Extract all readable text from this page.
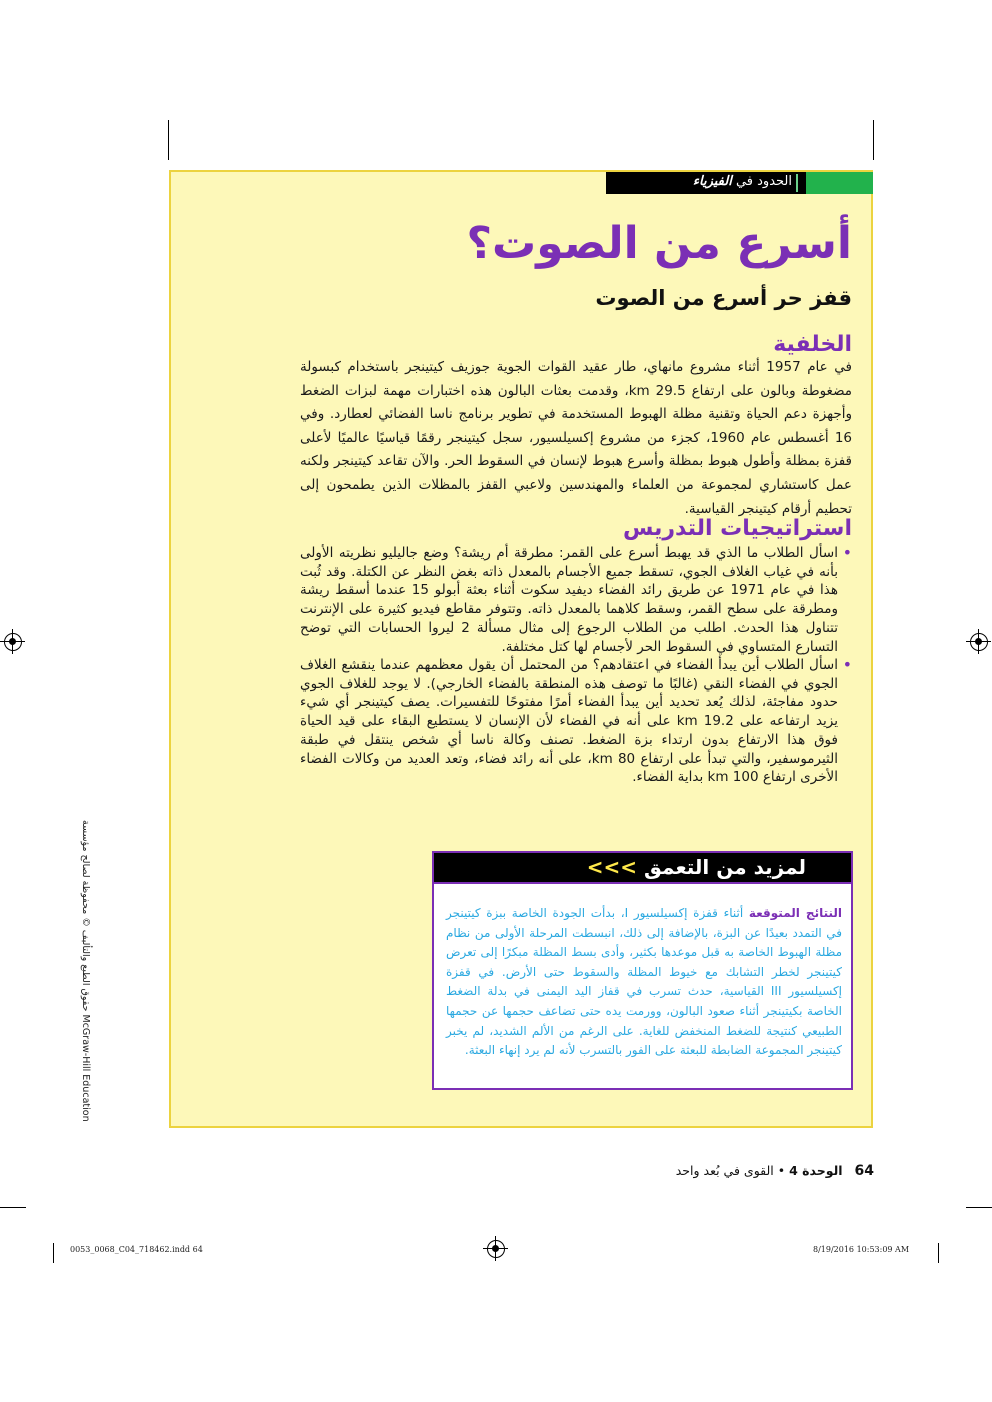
الحدود في الفيزياء
أسرع من الصوت؟
قفز حر أسرع من الصوت
الخلفية
في عام 1957 أثناء مشروع مانهاي، طار عقيد القوات الجوية جوزيف كيتينجر باستخدام كبسولة مضغوطة وبالون على ارتفاع 29.5 km، وقدمت بعثات البالون هذه اختبارات مهمة لبزات الضغط وأجهزة دعم الحياة وتقنية مظلة الهبوط المستخدمة في تطوير برنامج ناسا الفضائي لعطارد. وفي 16 أغسطس عام 1960، كجزء من مشروع إكسيلسيور، سجل كيتينجر رقمًا قياسيًا عالميًا لأعلى قفزة بمظلة وأطول هبوط بمظلة وأسرع هبوط لإنسان في السقوط الحر. والآن تقاعد كيتينجر ولكنه عمل كاستشاري لمجموعة من العلماء والمهندسين ولاعبي القفز بالمظلات الذين يطمحون إلى تحطيم أرقام كيتينجر القياسية.
استراتيجيات التدريس
•
اسأل الطلاب ما الذي قد يهبط أسرع على القمر: مطرقة أم ريشة؟ وضع جاليليو نظريته الأولى بأنه في غياب الغلاف الجوي، تسقط جميع الأجسام بالمعدل ذاته بغض النظر عن الكتلة. وقد ثُبت هذا في عام 1971 عن طريق رائد الفضاء ديفيد سكوت أثناء بعثة أبولو 15 عندما أسقط ريشة ومطرقة على سطح القمر، وسقط كلاهما بالمعدل ذاته. وتتوفر مقاطع فيديو كثيرة على الإنترنت تتناول هذا الحدث. اطلب من الطلاب الرجوع إلى مثال مسألة 2 ليروا الحسابات التي توضح التسارع المتساوي في السقوط الحر لأجسام لها كتل مختلفة.
•
اسأل الطلاب أين يبدأ الفضاء في اعتقادهم؟ من المحتمل أن يقول معظمهم عندما ينقشع الغلاف الجوي في الفضاء النقي (غالبًا ما توصف هذه المنطقة بالفضاء الخارجي). لا يوجد للغلاف الجوي حدود مفاجئة، لذلك يُعد تحديد أين يبدأ الفضاء أمرًا مفتوحًا للتفسيرات. يصف كيتينجر أي شيء يزيد ارتفاعه على 19.2 km على أنه في الفضاء لأن الإنسان لا يستطيع البقاء على قيد الحياة فوق هذا الارتفاع بدون ارتداء بزة الضغط. تصنف وكالة ناسا أي شخص ينتقل في طبقة الثيرموسفير، والتي تبدأ على ارتفاع 80 km، على أنه رائد فضاء، وتعد العديد من وكالات الفضاء الأخرى ارتفاع 100 km بداية الفضاء.
لمزيد من التعمق >>>
النتائج المتوقعة أثناء قفزة إكسيلسيور I، بدأت الجودة الخاصة ببزة كيتينجر في التمدد بعيدًا عن البزة، بالإضافة إلى ذلك، انبسطت المرحلة الأولى من نظام مظلة الهبوط الخاصة به قبل موعدها بكثير، وأدى بسط المظلة مبكرًا إلى تعرض كيتينجر لخطر التشابك مع خيوط المظلة والسقوط حتى الأرض. في قفزة إكسيلسيور III القياسية، حدث تسرب في قفاز اليد اليمنى في بدلة الضغط الخاصة بكيتينجر أثناء صعود البالون، وورمت يده حتى تضاعف حجمها عن حجمها الطبيعي كنتيجة للضغط المنخفض للغاية. على الرغم من الألم الشديد، لم يخبر كيتينجر المجموعة الضابطة للبعثة على الفور بالتسرب لأنه لم يرد إنهاء البعثة.
حقوق الطبع والتأليف © محفوظة لصالح مؤسسة McGraw-Hill Education
64   الوحدة 4 • القوى في بُعد واحد
0053_0068_C04_718462.indd 64	8/19/2016 10:53:09 AM
